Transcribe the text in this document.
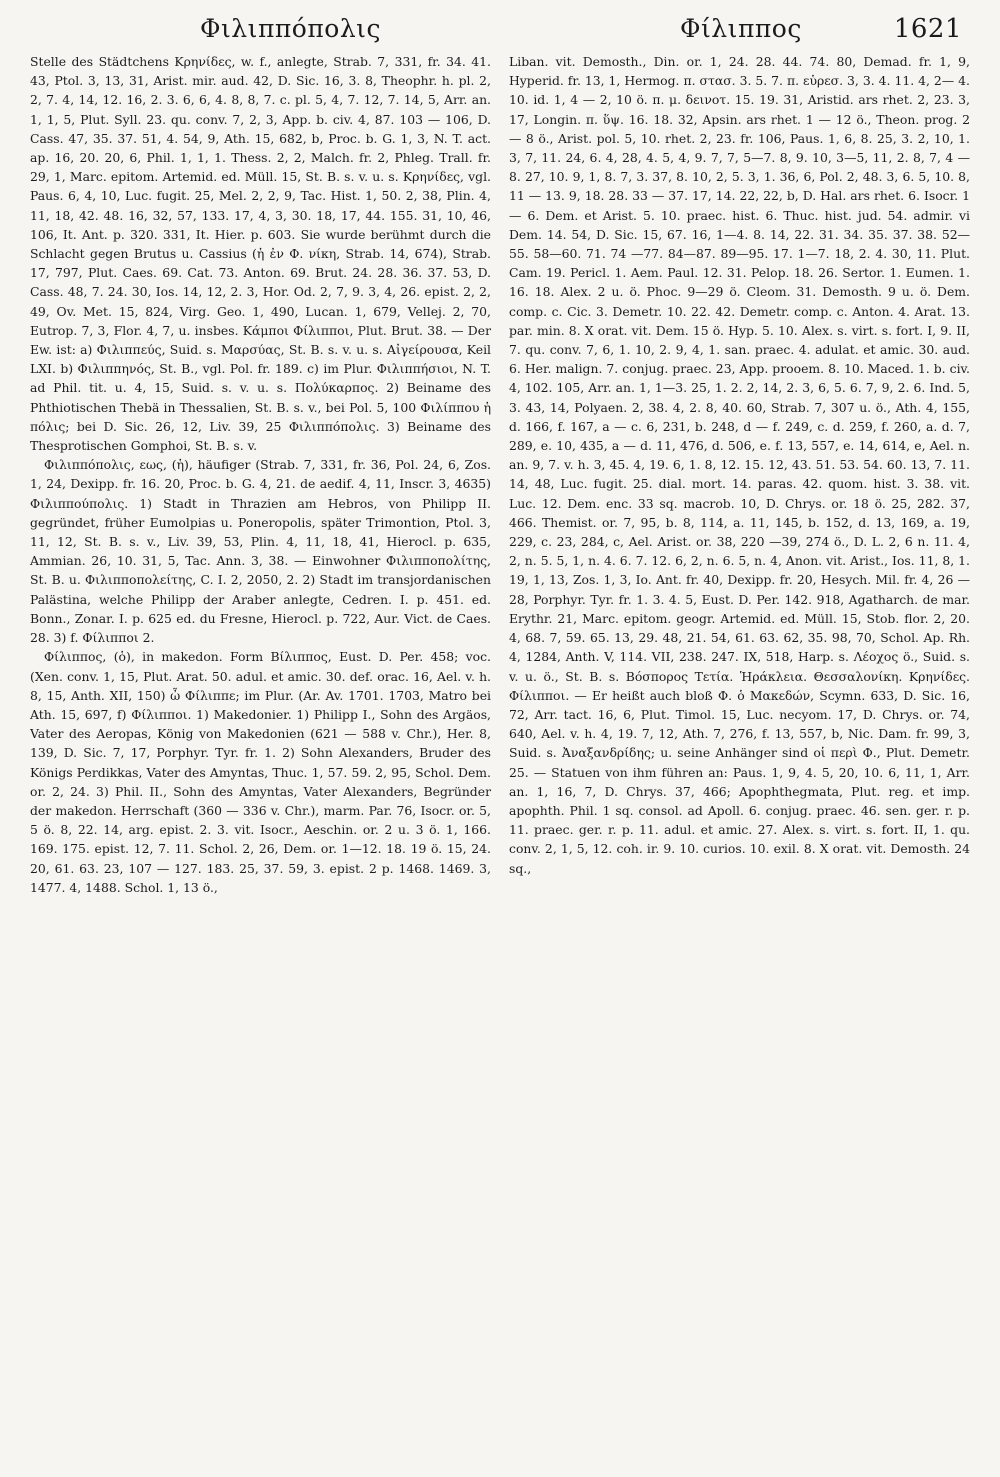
Φιλιππόπολις	Φίλιππος	1621

Stelle des Städtchens Κρηνίδες, w. f., anlegte, Strab. 7, 331, fr. 34. 41. 43, Ptol. 3, 13, 31, Arist. mir. aud. 42, D. Sic. 16, 3. 8, Theophr. h. pl. 2, 2, 7. 4, 14, 12. 16, 2. 3. 6, 6, 4. 8, 8, 7. c. pl. 5, 4, 7. 12, 7. 14, 5, Arr. an. 1, 1, 5, Plut. Syll. 23. qu. conv. 7, 2, 3, App. b. civ. 4, 87. 103 — 106, D. Cass. 47, 35. 37. 51, 4. 54, 9, Ath. 15, 682, b, Proc. b. G. 1, 3, N. T. act. ap. 16, 20. 20, 6, Phil. 1, 1, 1. Thess. 2, 2, Malch. fr. 2, Phleg. Trall. fr. 29, 1, Marc. epitom. Artemid. ed. Müll. 15, St. B. s. v. u. s. Κρηνίδες, vgl. Paus. 6, 4, 10, Luc. fugit. 25, Mel. 2, 2, 9, Tac. Hist. 1, 50. 2, 38, Plin. 4, 11, 18, 42. 48. 16, 32, 57, 133. 17, 4, 3, 30. 18, 17, 44. 155. 31, 10, 46, 106, It. Ant. p. 320. 331, It. Hier. p. 603. Sie wurde berühmt durch die Schlacht gegen Brutus u. Cassius (ἡ ἐν Φ. νίκη, Strab. 14, 674), Strab. 17, 797, Plut. Caes. 69. Cat. 73. Anton. 69. Brut. 24. 28. 36. 37. 53, D. Cass. 48, 7. 24. 30, Ios. 14, 12, 2. 3, Hor. Od. 2, 7, 9. 3, 4, 26. epist. 2, 2, 49, Ov. Met. 15, 824, Virg. Geo. 1, 490, Lucan. 1, 679, Vellej. 2, 70, Eutrop. 7, 3, Flor. 4, 7, u. insbes. Κάμποι Φίλιπποι, Plut. Brut. 38. — Der Ew. ist: a) Φιλιππεύς, Suid. s. Μαρσύας, St. B. s. v. u. s. Αἰγείρουσα, Keil LXI. b) Φιλιππηνός, St. B., vgl. Pol. fr. 189. c) im Plur. Φιλιππήσιοι, N. T. ad Phil. tit. u. 4, 15, Suid. s. v. u. s. Πολύκαρπος. 2) Beiname des Phthiotischen Thebä in Thessalien, St. B. s. v., bei Pol. 5, 100 Φιλίππου ἡ πόλις; bei D. Sic. 26, 12, Liv. 39, 25 Φιλιππόπολις. 3) Beiname des Thesprotischen Gomphoi, St. B. s. v.

Φιλιππόπολις, εως, (ἡ), häufiger (Strab. 7, 331, fr. 36, Pol. 24, 6, Zos. 1, 24, Dexipp. fr. 16. 20, Proc. b. G. 4, 21. de aedif. 4, 11, Inscr. 3, 4635) Φιλιππούπολις. 1) Stadt in Thrazien am Hebros, von Philipp II. gegründet, früher Eumolpias u. Poneropolis, später Trimontion, Ptol. 3, 11, 12, St. B. s. v., Liv. 39, 53, Plin. 4, 11, 18, 41, Hierocl. p. 635, Ammian. 26, 10. 31, 5, Tac. Ann. 3, 38. — Einwohner Φιλιπποπολίτης, St. B. u. Φιλιπποπολείτης, C. I. 2, 2050, 2. 2) Stadt im transjordanischen Palästina, welche Philipp der Araber anlegte, Cedren. I. p. 451. ed. Bonn., Zonar. I. p. 625 ed. du Fresne, Hierocl. p. 722, Aur. Vict. de Caes. 28. 3) f. Φίλιπποι 2.

Φίλιππος, (ὁ), in makedon. Form Βίλιππος, Eust. D. Per. 458; voc. (Xen. conv. 1, 15, Plut. Arat. 50. adul. et amic. 30. def. orac. 16, Ael. v. h. 8, 15, Anth. XII, 150) ὦ Φίλιππε; im Plur. (Ar. Av. 1701. 1703, Matro bei Ath. 15, 697, f) Φίλιπποι. 1) Makedonier. 1) Philipp I., Sohn des Argäos, Vater des Aeropas, König von Makedonien (621 — 588 v. Chr.), Her. 8, 139, D. Sic. 7, 17, Porphyr. Tyr. fr. 1. 2) Sohn Alexanders, Bruder des Königs Perdikkas, Vater des Amyntas, Thuc. 1, 57. 59. 2, 95, Schol. Dem. or. 2, 24. 3) Phil. II., Sohn des Amyntas, Vater Alexanders, Begründer der makedon. Herrschaft (360 — 336 v. Chr.), marm. Par. 76, Isocr. or. 5, 5 ö. 8, 22. 14, arg. epist. 2. 3. vit. Isocr., Aeschin. or. 2 u. 3 ö. 1, 166. 169. 175. epist. 12, 7. 11. Schol. 2, 26, Dem. or. 1—12. 18. 19 ö. 15, 24. 20, 61. 63. 23, 107 — 127. 183. 25, 37. 59, 3. epist. 2 p. 1468. 1469. 3, 1477. 4, 1488. Schol. 1, 13 ö.,

Liban. vit. Demosth., Din. or. 1, 24. 28. 44. 74. 80, Demad. fr. 1, 9, Hyperid. fr. 13, 1, Hermog. π. στασ. 3. 5. 7. π. εὑρεσ. 3, 3. 4. 11. 4, 2— 4. 10. id. 1, 4 — 2, 10 ö. π. μ. δεινοτ. 15. 19. 31, Aristid. ars rhet. 2, 23. 3, 17, Longin. π. ὕψ. 16. 18. 32, Apsin. ars rhet. 1 — 12 ö., Theon. prog. 2 — 8 ö., Arist. pol. 5, 10. rhet. 2, 23. fr. 106, Paus. 1, 6, 8. 25, 3. 2, 10, 1. 3, 7, 11. 24, 6. 4, 28, 4. 5, 4, 9. 7, 7, 5—7. 8, 9. 10, 3—5, 11, 2. 8, 7, 4 — 8. 27, 10. 9, 1, 8. 7, 3. 37, 8. 10, 2, 5. 3, 1. 36, 6, Pol. 2, 48. 3, 6. 5, 10. 8, 11 — 13. 9, 18. 28. 33 — 37. 17, 14. 22, 22, b, D. Hal. ars rhet. 6. Isocr. 1 — 6. Dem. et Arist. 5. 10. praec. hist. 6. Thuc. hist. jud. 54. admir. vi Dem. 14. 54, D. Sic. 15, 67. 16, 1—4. 8. 14, 22. 31. 34. 35. 37. 38. 52—55. 58—60. 71. 74 —77. 84—87. 89—95. 17. 1—7. 18, 2. 4. 30, 11. Plut. Cam. 19. Pericl. 1. Aem. Paul. 12. 31. Pelop. 18. 26. Sertor. 1. Eumen. 1. 16. 18. Alex. 2 u. ö. Phoc. 9—29 ö. Cleom. 31. Demosth. 9 u. ö. Dem. comp. c. Cic. 3. Demetr. 10. 22. 42. Demetr. comp. c. Anton. 4. Arat. 13. par. min. 8. X orat. vit. Dem. 15 ö. Hyp. 5. 10. Alex. s. virt. s. fort. I, 9. II, 7. qu. conv. 7, 6, 1. 10, 2. 9, 4, 1. san. praec. 4. adulat. et amic. 30. aud. 6. Her. malign. 7. conjug. praec. 23, App. prooem. 8. 10. Maced. 1. b. civ. 4, 102. 105, Arr. an. 1, 1—3. 25, 1. 2. 2, 14, 2. 3, 6, 5. 6. 7, 9, 2. 6. Ind. 5, 3. 43, 14, Polyaen. 2, 38. 4, 2. 8, 40. 60, Strab. 7, 307 u. ö., Ath. 4, 155, d. 166, f. 167, a — c. 6, 231, b. 248, d — f. 249, c. d. 259, f. 260, a. d. 7, 289, e. 10, 435, a — d. 11, 476, d. 506, e. f. 13, 557, e. 14, 614, e, Ael. n. an. 9, 7. v. h. 3, 45. 4, 19. 6, 1. 8, 12. 15. 12, 43. 51. 53. 54. 60. 13, 7. 11. 14, 48, Luc. fugit. 25. dial. mort. 14. paras. 42. quom. hist. 3. 38. vit. Luc. 12. Dem. enc. 33 sq. macrob. 10, D. Chrys. or. 18 ö. 25, 282. 37, 466. Themist. or. 7, 95, b. 8, 114, a. 11, 145, b. 152, d. 13, 169, a. 19, 229, c. 23, 284, c, Ael. Arist. or. 38, 220 —39, 274 ö., D. L. 2, 6 n. 11. 4, 2, n. 5. 5, 1, n. 4. 6. 7. 12. 6, 2, n. 6. 5, n. 4, Anon. vit. Arist., Ios. 11, 8, 1. 19, 1, 13, Zos. 1, 3, Io. Ant. fr. 40, Dexipp. fr. 20, Hesych. Mil. fr. 4, 26 — 28, Porphyr. Tyr. fr. 1. 3. 4. 5, Eust. D. Per. 142. 918, Agatharch. de mar. Erythr. 21, Marc. epitom. geogr. Artemid. ed. Müll. 15, Stob. flor. 2, 20. 4, 68. 7, 59. 65. 13, 29. 48, 21. 54, 61. 63. 62, 35. 98, 70, Schol. Ap. Rh. 4, 1284, Anth. V, 114. VII, 238. 247. IX, 518, Harp. s. Λέοχος ö., Suid. s. v. u. ö., St. B. s. Βόσπορος Τετία. Ἡράκλεια. Θεσσαλονίκη. Κρηνίδες. Φίλιπποι. — Er heißt auch bloß Φ. ὁ Μακεδών, Scymn. 633, D. Sic. 16, 72, Arr. tact. 16, 6, Plut. Timol. 15, Luc. necyom. 17, D. Chrys. or. 74, 640, Ael. v. h. 4, 19. 7, 12, Ath. 7, 276, f. 13, 557, b, Nic. Dam. fr. 99, 3, Suid. s. Ἀναξανδρίδης; u. seine Anhänger sind οἱ περὶ Φ., Plut. Demetr. 25. — Statuen von ihm führen an: Paus. 1, 9, 4. 5, 20, 10. 6, 11, 1, Arr. an. 1, 16, 7, D. Chrys. 37, 466; Apophthegmata, Plut. reg. et imp. apophth. Phil. 1 sq. consol. ad Apoll. 6. conjug. praec. 46. sen. ger. r. p. 11. praec. ger. r. p. 11. adul. et amic. 27. Alex. s. virt. s. fort. II, 1. qu. conv. 2, 1, 5, 12. coh. ir. 9. 10. curios. 10. exil. 8. X orat. vit. Demosth. 24 sq.,
